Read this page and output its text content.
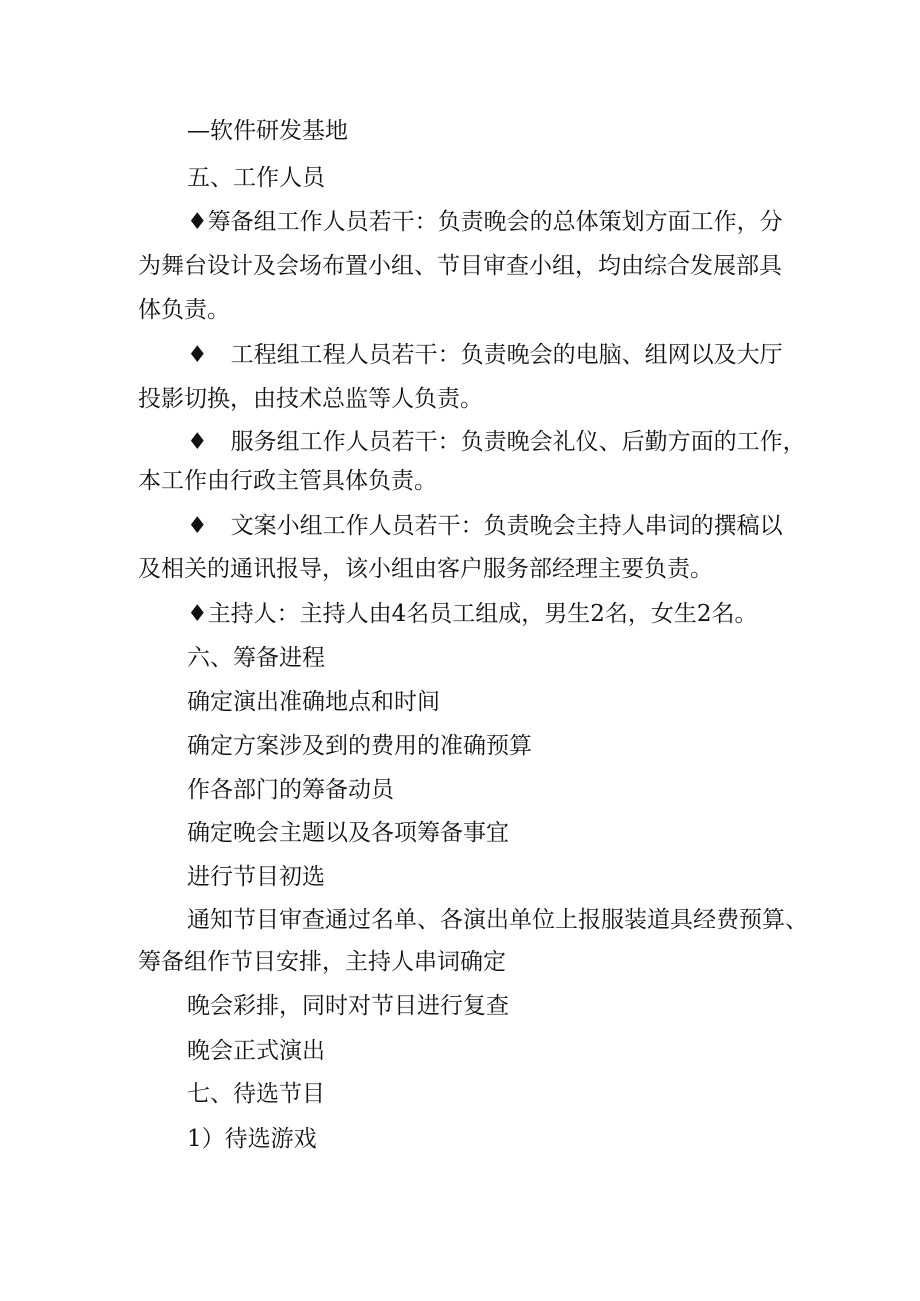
—软件研发基地
五、工作人员
♦筹备组工作人员若干：负责晚会的总体策划方面工作，分
为舞台设计及会场布置小组、节目审查小组，均由综合发展部具
体负责。
♦　工程组工程人员若干：负责晚会的电脑、组网以及大厅
投影切换，由技术总监等人负责。
♦　服务组工作人员若干：负责晚会礼仪、后勤方面的工作，
本工作由行政主管具体负责。
♦　文案小组工作人员若干：负责晚会主持人串词的撰稿以
及相关的通讯报导，该小组由客户服务部经理主要负责。
♦主持人：主持人由4名员工组成，男生2名，女生2名。
六、筹备进程
确定演出准确地点和时间
确定方案涉及到的费用的准确预算
作各部门的筹备动员
确定晚会主题以及各项筹备事宜
进行节目初选
通知节目审查通过名单、各演出单位上报服装道具经费预算、
筹备组作节目安排，主持人串词确定
晚会彩排，同时对节目进行复查
晚会正式演出
七、待选节目
1）待选游戏
